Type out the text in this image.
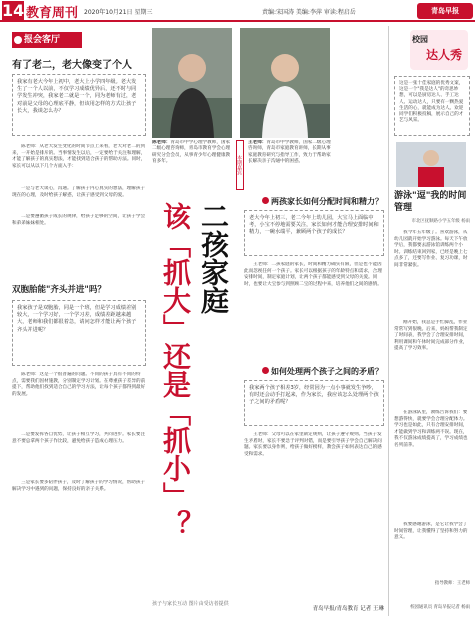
14 教育周刊 2020年10月21日 星期三	责编:宋国涛 美编:李萍 审读:程启岳	青岛早报
报会客厅
有了老二，老大像变了个人
我家有老大今年上初中，老大上小学四年级。老大发生了一个人以前，不仅学习成绩优异后，还不时与同学发生冲突，我家老二就是一个，同为老师有过，老对前是父母的心理底平静，但该用怎样的方式让孩子长大，我谈怎么办？
陈老师：从老大发生变化的时间节点上来看，老大对老二的到来，一开始是排斥的。当事情发生以后，一定要给于关注和理解，才能了解孩子的真实想法，才能找到适合孩子的帮助方法。同时，家长可以从以下几个方面入手：
一是与老大谈心，沟通。了解孩子内心真实的想法，理解孩子现在的心理，及时给孩子解惑，让孩子感受到父母的爱。
二是要遵循孩子成长的规律，给孩子足够的空间，让孩子学会和弟弟妹妹相处。
双胞胎能"齐头并进"吗？
我家孩子是双胞胎，同是一个班，但是学习成绩差别较大，一个学习好，一个学习差，成绩差距越来越大，老师和我们都很着急，请问怎样才能让两个孩子齐头并进呢？
陈老师：这是一个很普遍的问题。不同的孩子具有不同的特点，需要我们因材施教，分别制定学习计划。在尊重孩子差异的前提下，帮助他们找到适合自己的学习方法，让每个孩子都得到最好的发展。
二是要发挥各自优势，让孩子相互学习，共同进步。家长要注意不要总拿两个孩子作比较，避免给孩子造成心理压力。
三是家长要多陪伴孩子，及时了解孩子的学习情况，帮助孩子解决学习中遇到的问题，保持良好的亲子关系。
陈老师：青岛市中学心理学教师，国家二级心理咨询师，青岛市教育学会心理研究分会会员，从事青少年心理健康教育多年。	本期嘉宾
王老师：青岛市中学教师，国家二级心理咨询师，青岛市家庭教育讲师，长期从事家庭教育研究与指导工作，致力于帮助家长解决亲子沟通中的困惑。
二孩家庭
该「抓大」还是「抓小」？
孩子与家长互动 图片由受访者提供
两孩家长如何分配时间和精力？
老大今年上初三，老二今年上幼儿园，大宝马上面临中考，小宝不停地需要关注，家长如何才能合理安排时间和精力，一碗水端平，兼顾两个孩子的成长？
王老师：二孩家庭的家长，时间和精力确实有限，但是也不能因此而忽视任何一个孩子。家长可以根据孩子的年龄特点和需求，合理安排时间，制定家庭计划，让两个孩子都能感受到父母的关爱。同时，也要让大宝参与到照顾二宝的过程中来，培养他们之间的感情。
如何处理两个孩子之间的矛盾？
我家两个孩子相差3岁，经常因为一点小事就发生争吵，有时还会动手打起来，作为家长，我应该怎么处理两个孩子之间的矛盾呢？
王老师：父母可以在家里制定规则，让孩子遵守规则。当孩子发生矛盾时，家长不要急于评判对错，而是要引导孩子学会自己解决问题。家长要以身作则，给孩子做好榜样，教会孩子如何表达自己的感受和需求。
青岛早报/青岛教育 记者 王琳
校园
达人秀
这是一张十佳家庭的优秀文案，这是一个"我是达人"的奇思妙想，可以是厨房达人、手工达人、运动达人，只要有一颗热爱生活的心，就能成为达人。欢迎同学们积极投稿，展示自己的才艺与风采。
游泳"逗"我的时间管理
市北区抚顺路小学五年级 杨雨
我今年五年级了。喜欢游泳，从幼儿园就开始学习游泳。每天下午放学后，我都要去游泳馆训练两个小时。训练结束回到家，已经是晚上七点多了，还要写作业、复习功课，时间非常紧张。
刚开始，我总是手忙脚乱，作业常常写到很晚。后来，妈妈帮我制定了时间表，我学会了合理安排时间，利用课间和午休时间完成部分作业，提高了学习效率。
在游泳队里，教练告诉我们：要想游得快，就要学会合理分配体力。学习也是如此，只有合理安排时间，才能做到学习和训练两不误。现在，我不仅游泳成绩提高了，学习成绩也名列前茅。
我要感谢游泳，是它让我学会了时间管理，让我懂得了坚持和努力的意义。
指导教师：王老师
校园通讯员 青岛早报记者 杨雨
